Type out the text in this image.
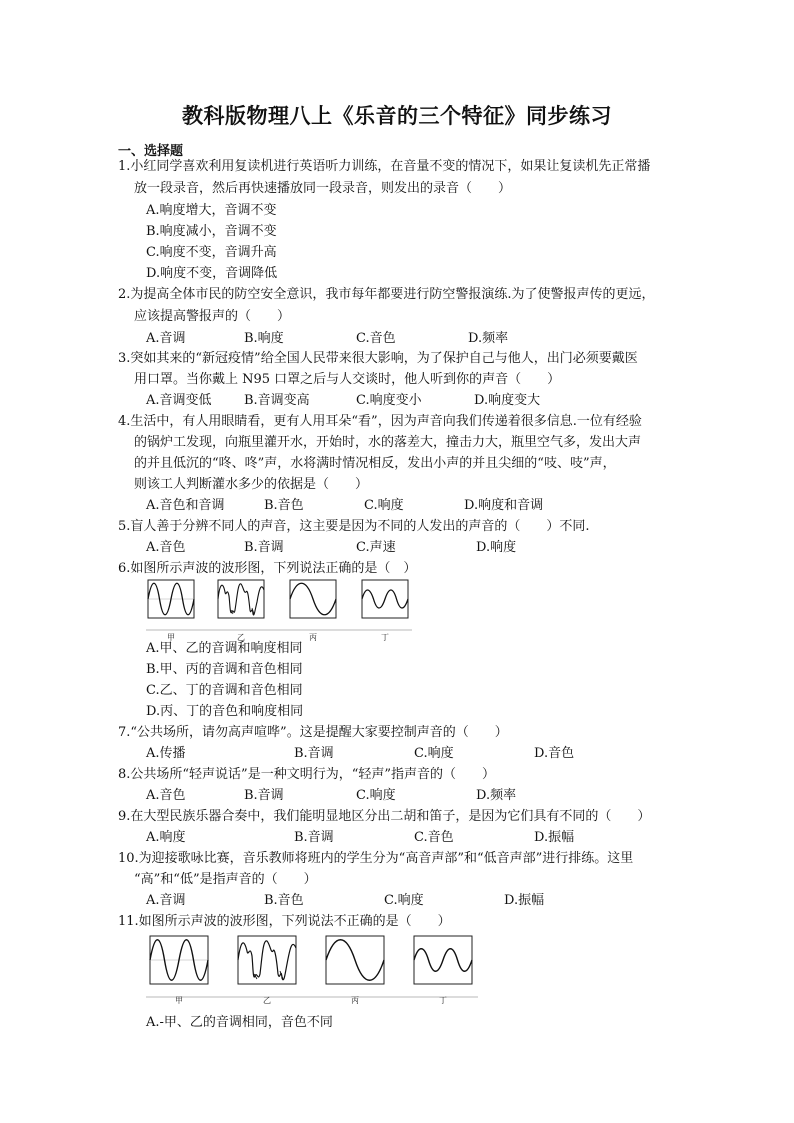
教科版物理八上《乐音的三个特征》同步练习
一、选择题
1.小红同学喜欢利用复读机进行英语听力训练，在音量不变的情况下，如果让复读机先正常播
放一段录音，然后再快速播放同一段录音，则发出的录音（　　）
A.响度增大，音调不变
B.响度减小，音调不变
C.响度不变，音调升高
D.响度不变，音调降低
2.为提高全体市民的防空安全意识，我市每年都要进行防空警报演练.为了使警报声传的更远，
应该提高警报声的（　　）
A.音调	B.响度	C.音色	D.频率
3.突如其来的“新冠疫情”给全国人民带来很大影响，为了保护自己与他人，出门必须要戴医
用口罩。当你戴上 N95 口罩之后与人交谈时，他人听到你的声音（　　）
A.音调变低 B.音调变高	C.响度变小	D.响度变大
4.生活中，有人用眼睛看，更有人用耳朵“看”，因为声音向我们传递着很多信息.一位有经验
的锅炉工发现，向瓶里灌开水，开始时，水的落差大，撞击力大，瓶里空气多，发出大声
的并且低沉的“咚、咚”声，水将满时情况相反，发出小声的并且尖细的“吱、吱”声，
则该工人判断灌水多少的依据是（　　）
A.音色和音调	B.音色	C.响度	D.响度和音调
5.盲人善于分辨不同人的声音，这主要是因为不同的人发出的声音的（　　）不同.
A.音色	B.音调	C.声速	D.响度
6.如图所示声波的波形图，下列说法正确的是（　）
甲	乙	丙	丁
A.甲、乙的音调和响度相同
B.甲、丙的音调和音色相同
C.乙、丁的音调和音色相同
D.丙、丁的音色和响度相同
7.“公共场所，请勿高声喧哗”。这是提醒大家要控制声音的（　　）
A.传播	B.音调	C.响度	D.音色
8.公共场所“轻声说话”是一种文明行为，“轻声”指声音的（　　）
A.音色	B.音调	C.响度	D.频率
9.在大型民族乐器合奏中，我们能明显地区分出二胡和笛子，是因为它们具有不同的（　　）
A.响度	B.音调	C.音色	D.振幅
10.为迎接歌咏比赛，音乐教师将班内的学生分为“高音声部”和“低音声部”进行排练。这里
“高”和“低”是指声音的（　　）
A.音调	B.音色	C.响度	D.振幅
11.如图所示声波的波形图，下列说法不正确的是（　　）
甲	乙	丙	丁
A.-甲、乙的音调相同，音色不同
